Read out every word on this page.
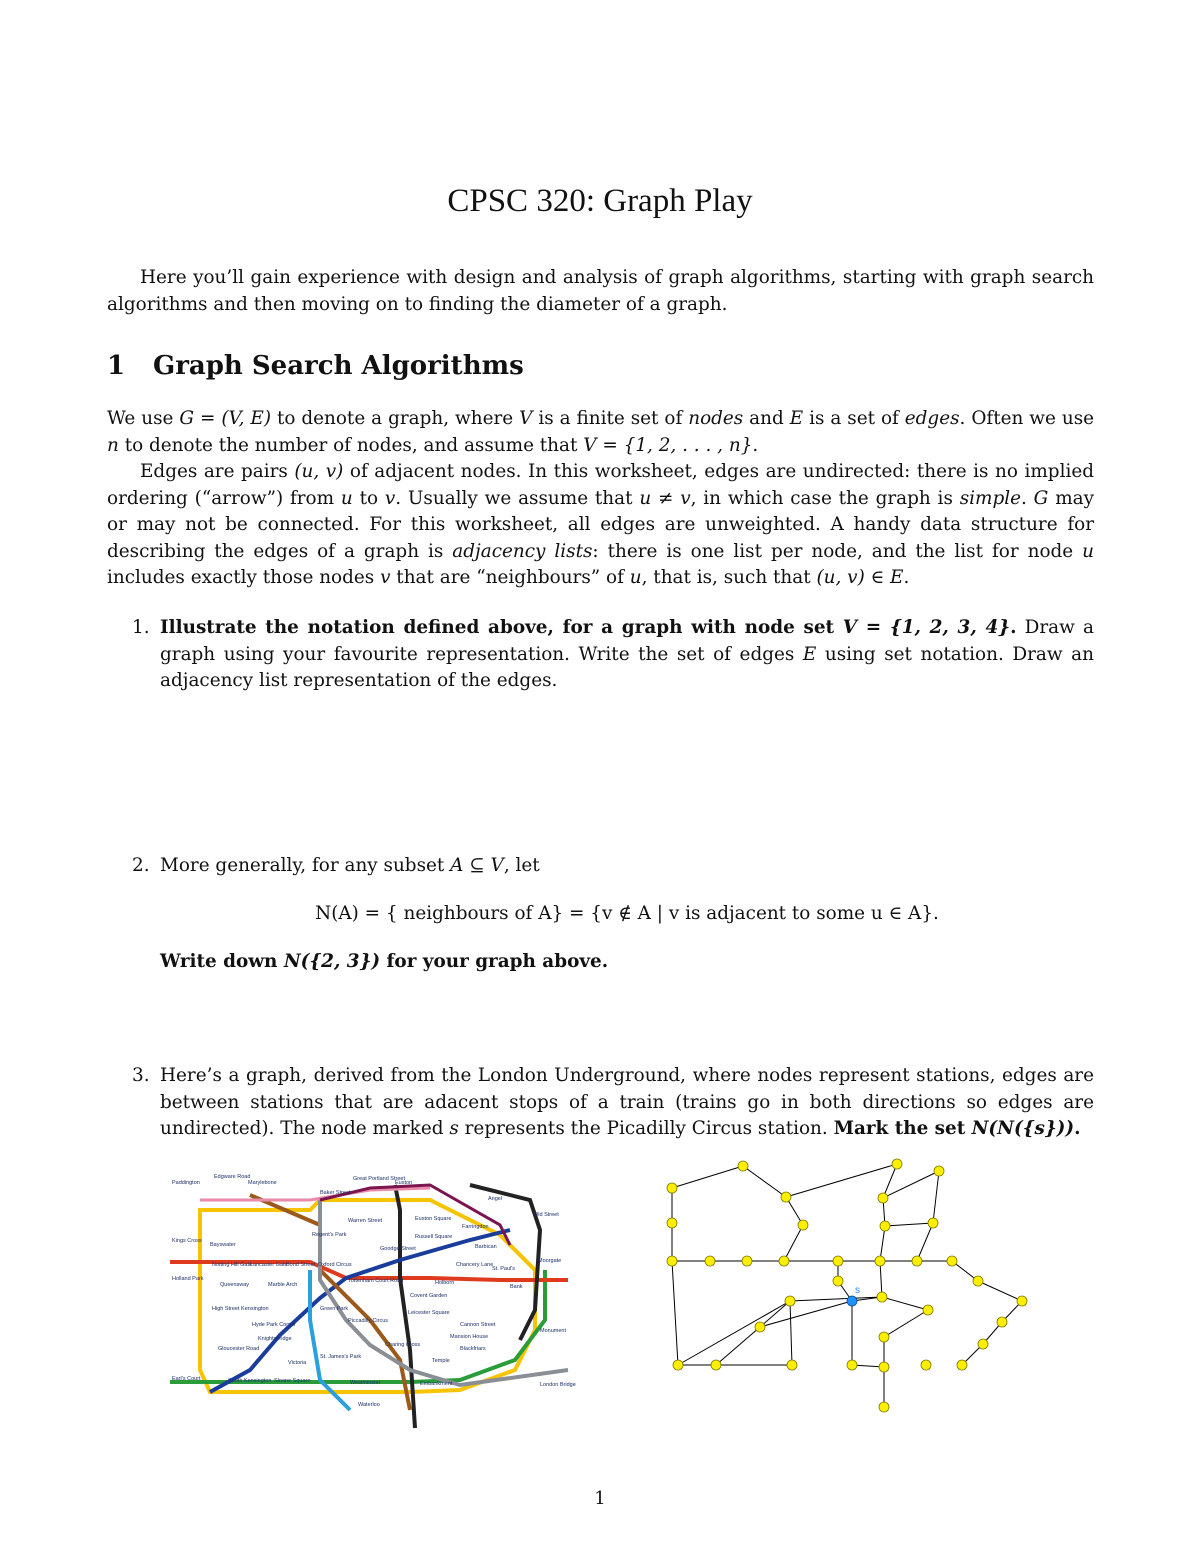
CPSC 320: Graph Play
Here you’ll gain experience with design and analysis of graph algorithms, starting with graph search algorithms and then moving on to finding the diameter of a graph.
1 Graph Search Algorithms
We use G = (V, E) to denote a graph, where V is a finite set of nodes and E is a set of edges. Often we use n to denote the number of nodes, and assume that V = {1, 2, . . . , n}.
Edges are pairs (u, v) of adjacent nodes. In this worksheet, edges are undirected: there is no implied ordering (“arrow”) from u to v. Usually we assume that u ≠ v, in which case the graph is simple. G may or may not be connected. For this worksheet, all edges are unweighted. A handy data structure for describing the edges of a graph is adjacency lists: there is one list per node, and the list for node u includes exactly those nodes v that are “neighbours” of u, that is, such that (u, v) ∈ E.
1. Illustrate the notation defined above, for a graph with node set V = {1, 2, 3, 4}. Draw a graph using your favourite representation. Write the set of edges E using set notation. Draw an adjacency list representation of the edges.
2. More generally, for any subset A ⊆ V, let
N(A) = { neighbours of A} = {v ∉ A | v is adjacent to some u ∈ A}.
Write down N({2, 3}) for your graph above.
3. Here’s a graph, derived from the London Underground, where nodes represent stations, edges are between stations that are adacent stops of a train (trains go in both directions so edges are undirected). The node marked s represents the Picadilly Circus station. Mark the set N(N({s})).
Paddington
Edgware Road
Marylebone
Baker Street
Great Portland Street
Euston
Angel
Old Street
Warren Street	Euston Square
Farringdon
Regent's Park	Russell Square
Barbican
Bayswater
Goodge Street
Moorgate
Notting Hill Gate
Lancaster Gate
Bond Street Oxford Circus	Chancery Lane
St. Paul's
Bank
Queensway	Marble Arch
Tottenham Court Road	Holborn
Covent Garden
High Street Kensington
Hyde Park Corner
Green Park
Leicester Square
Knightsbridge
Piccadilly Circus
Cannon Street
Mansion House
Monument
Gloucester Road
Charing Cross
Blackfriars
Temple
Victoria
St. James's Park
Earl's Court	South Kensington Sloane Square	Westminster	Embankment	London Bridge
Waterloo
Holland Park
Kings Cross
s
1
